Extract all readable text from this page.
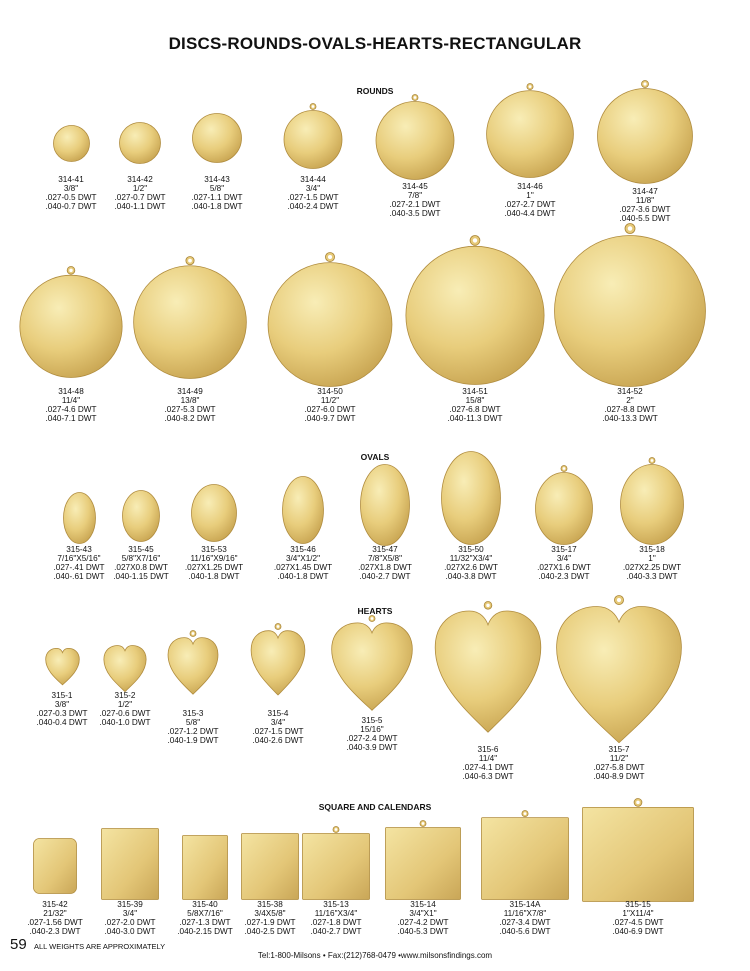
DISCS-ROUNDS-OVALS-HEARTS-RECTANGULAR
ROUNDS
OVALS
HEARTS
SQUARE AND CALENDARS
314-41
3/8"
.027-0.5 DWT
.040-0.7 DWT
314-42
1/2"
.027-0.7 DWT
.040-1.1 DWT
314-43
5/8"
.027-1.1 DWT
.040-1.8 DWT
314-44
3/4"
.027-1.5 DWT
.040-2.4 DWT
314-45
7/8"
.027-2.1 DWT
.040-3.5 DWT
314-46
1"
.027-2.7 DWT
.040-4.4 DWT
314-47
11/8"
.027-3.6 DWT
.040-5.5 DWT
314-48
11/4"
.027-4.6 DWT
.040-7.1 DWT
314-49
13/8"
.027-5.3 DWT
.040-8.2 DWT
314-50
11/2"
.027-6.0 DWT
.040-9.7 DWT
314-51
15/8"
.027-6.8 DWT
.040-11.3 DWT
314-52
2"
.027-8.8 DWT
.040-13.3 DWT
315-43
7/16"X5/16"
.027-.41 DWT
.040-.61 DWT
315-45
5/8"X7/16"
.027X0.8 DWT
.040-1.15 DWT
315-53
11/16"X9/16"
.027X1.25 DWT
.040-1.8 DWT
315-46
3/4"X1/2"
.027X1.45 DWT
.040-1.8 DWT
315-47
7/8"X5/8"
.027X1.8 DWT
.040-2.7 DWT
315-50
11/32"X3/4"
.027X2.6 DWT
.040-3.8 DWT
315-17
3/4"
.027X1.6 DWT
.040-2.3 DWT
315-18
1"
.027X2.25 DWT
.040-3.3 DWT
315-1
3/8"
.027-0.3 DWT
.040-0.4 DWT
315-2
1/2"
.027-0.6 DWT
.040-1.0 DWT
315-3
5/8"
.027-1.2 DWT
.040-1.9 DWT
315-4
3/4"
.027-1.5 DWT
.040-2.6 DWT
315-5
15/16"
.027-2.4 DWT
.040-3.9 DWT	315-6
11/4"
.027-4.1 DWT
.040-6.3 DWT
315-7
11/2"
.027-5.8 DWT
.040-8.9 DWT
315-42
21/32"
.027-1.56 DWT
.040-2.3 DWT
315-39
3/4"
.027-2.0 DWT
.040-3.0 DWT
315-40
5/8X7/16"
.027-1.3 DWT
.040-2.15 DWT
315-38
3/4X5/8"
.027-1.9 DWT
.040-2.5 DWT
315-13
11/16"X3/4"
.027-1.8 DWT
.040-2.7 DWT
315-14
3/4"X1"
.027-4.2 DWT
.040-5.3 DWT
315-14A
11/16"X7/8"
.027-3.4 DWT
.040-5.6 DWT
315-15
1"X11/4"
.027-4.5 DWT
.040-6.9 DWT
59 ALL WEIGHTS ARE APPROXIMATELY
Tel:1-800-Milsons • Fax:(212)768-0479 •www.milsonsfindings.com
